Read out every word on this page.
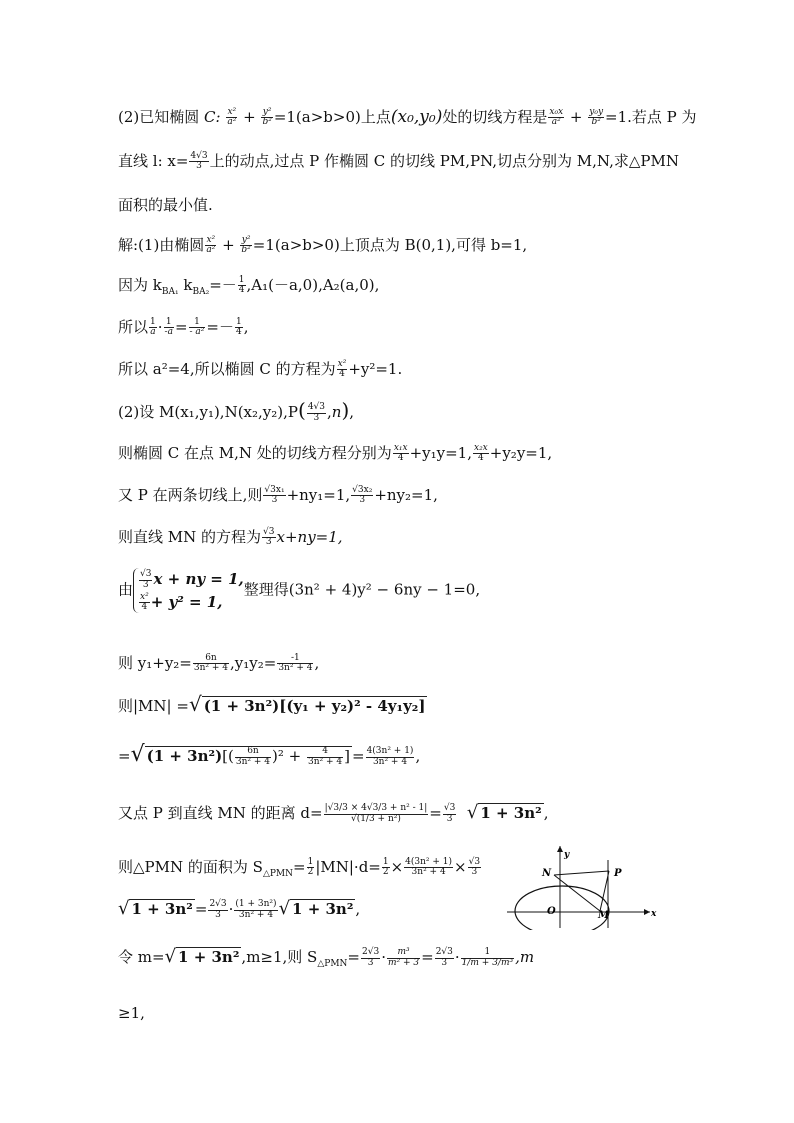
(2)已知椭圆 C: $\frac{\text{x²}}{\text{a²}} + \frac{\text{y²}}{\text{b²}} =1(a>b>0)$上点(x₀,y₀)处的切线方程是 $\frac{\text{x₀x}}{\text{a²}} + \frac{\text{y₀y}}{\text{b²}} =1$.若点 P 为
直线 l: $x= \frac{4√3}{3}$ 上的动点,过点 P 作椭圆 C 的切线 PM,PN,切点分别为 M,N,求△PMN
面积的最小值.
解:(1)由椭圆 $\frac{\text{x²}}{\text{a²}} + \frac{\text{y²}}{\text{b²}} =1(a>b>0)$上顶点为 B(0,1),可得 b=1,
因为 $k_{BA_1}$ $k_{BA_2}=- \frac{1}{4} ,A_1(-a,0),A_2(a,0)$,
所以 $\frac{1}{a} \cdot \frac{1}{-a} = \frac{1}{\text{- a²}} =- \frac{1}{4}$ ,
所以 a²=4,所以椭圆 C 的方程为 $\frac{\text{x²}}{4} +y^2=1$.
(2)设 $M(x_1,y_1),N(x_2,y_2),P( \frac{4√3}{3} ,n)$,
则椭圆 C 在点 M,N 处的切线方程分别为 $\frac{\text{x₁x}}{4} +y_1y=1$, $\frac{\text{x₂x}}{4} +y_2y=1$,
又 P 在两条切线上,则 $\frac{\text{√3x₁}}{3} +ny_1=1$, $\frac{\text{√3x₂}}{3} +ny_2=1$,
则直线 MN 的方程为 $\frac{√3}{3} x+ny=1$,
由 $\frac{√3}{3}$ x + ny = 1,
$\frac{\text{x²}}{4} + y^2 = 1$,
整理得(3n² + 4)y² − 6ny − 1=0,
则 $y_1+y_2= \frac{6n}{\text{3n² + 4}} ,y_1y_2= \frac{-1}{\text{3n² + 4}}$ ,
则|MN| =√ (1 + 3n²)[(y₁ + y₂)² - 4y₁y₂]
=√ $(1 + 3n^2)[( \frac{6n}{\text{3n² + 4}} )^2 + \frac{4}{\text{3n² + 4}}$ ] = $\frac{\text{4(3n² + 1)}}{\text{3n² + 4}}$ ,
又点 P 到直线 MN 的距离 $d= \frac{\text{|√3/3 × 4√3/3 + n² - 1|}}{\text{√(1/3 + n²)}} = \frac{√3}{3}$ √ 1 + 3n² ,
则△PMN 的面积为 $S_{\triangle PMN}= \frac{1}{2} |MN|\cdot d= \frac{1}{2} \times \frac{\text{4(3n² + 1)}}{\text{3n² + 4}} \times \frac{√3}{3}$
√ $1 + 3n^2 = \frac{2√3}{3} \cdot \frac{\text{(1 + 3n²)}}{\text{3n² + 4}}$ √ 1 + 3n² ,
令 m=√ 1 + 3n² ,m≥1,则 $S_{\triangle PMN}= \frac{2√3}{3} \cdot \frac{\text{m³}}{\text{m² + 3}} = \frac{2√3}{3} \cdot \frac{1}{\text{1/m + 3/m³}} ,m$
≥1,
N
y
P
O	M	x
